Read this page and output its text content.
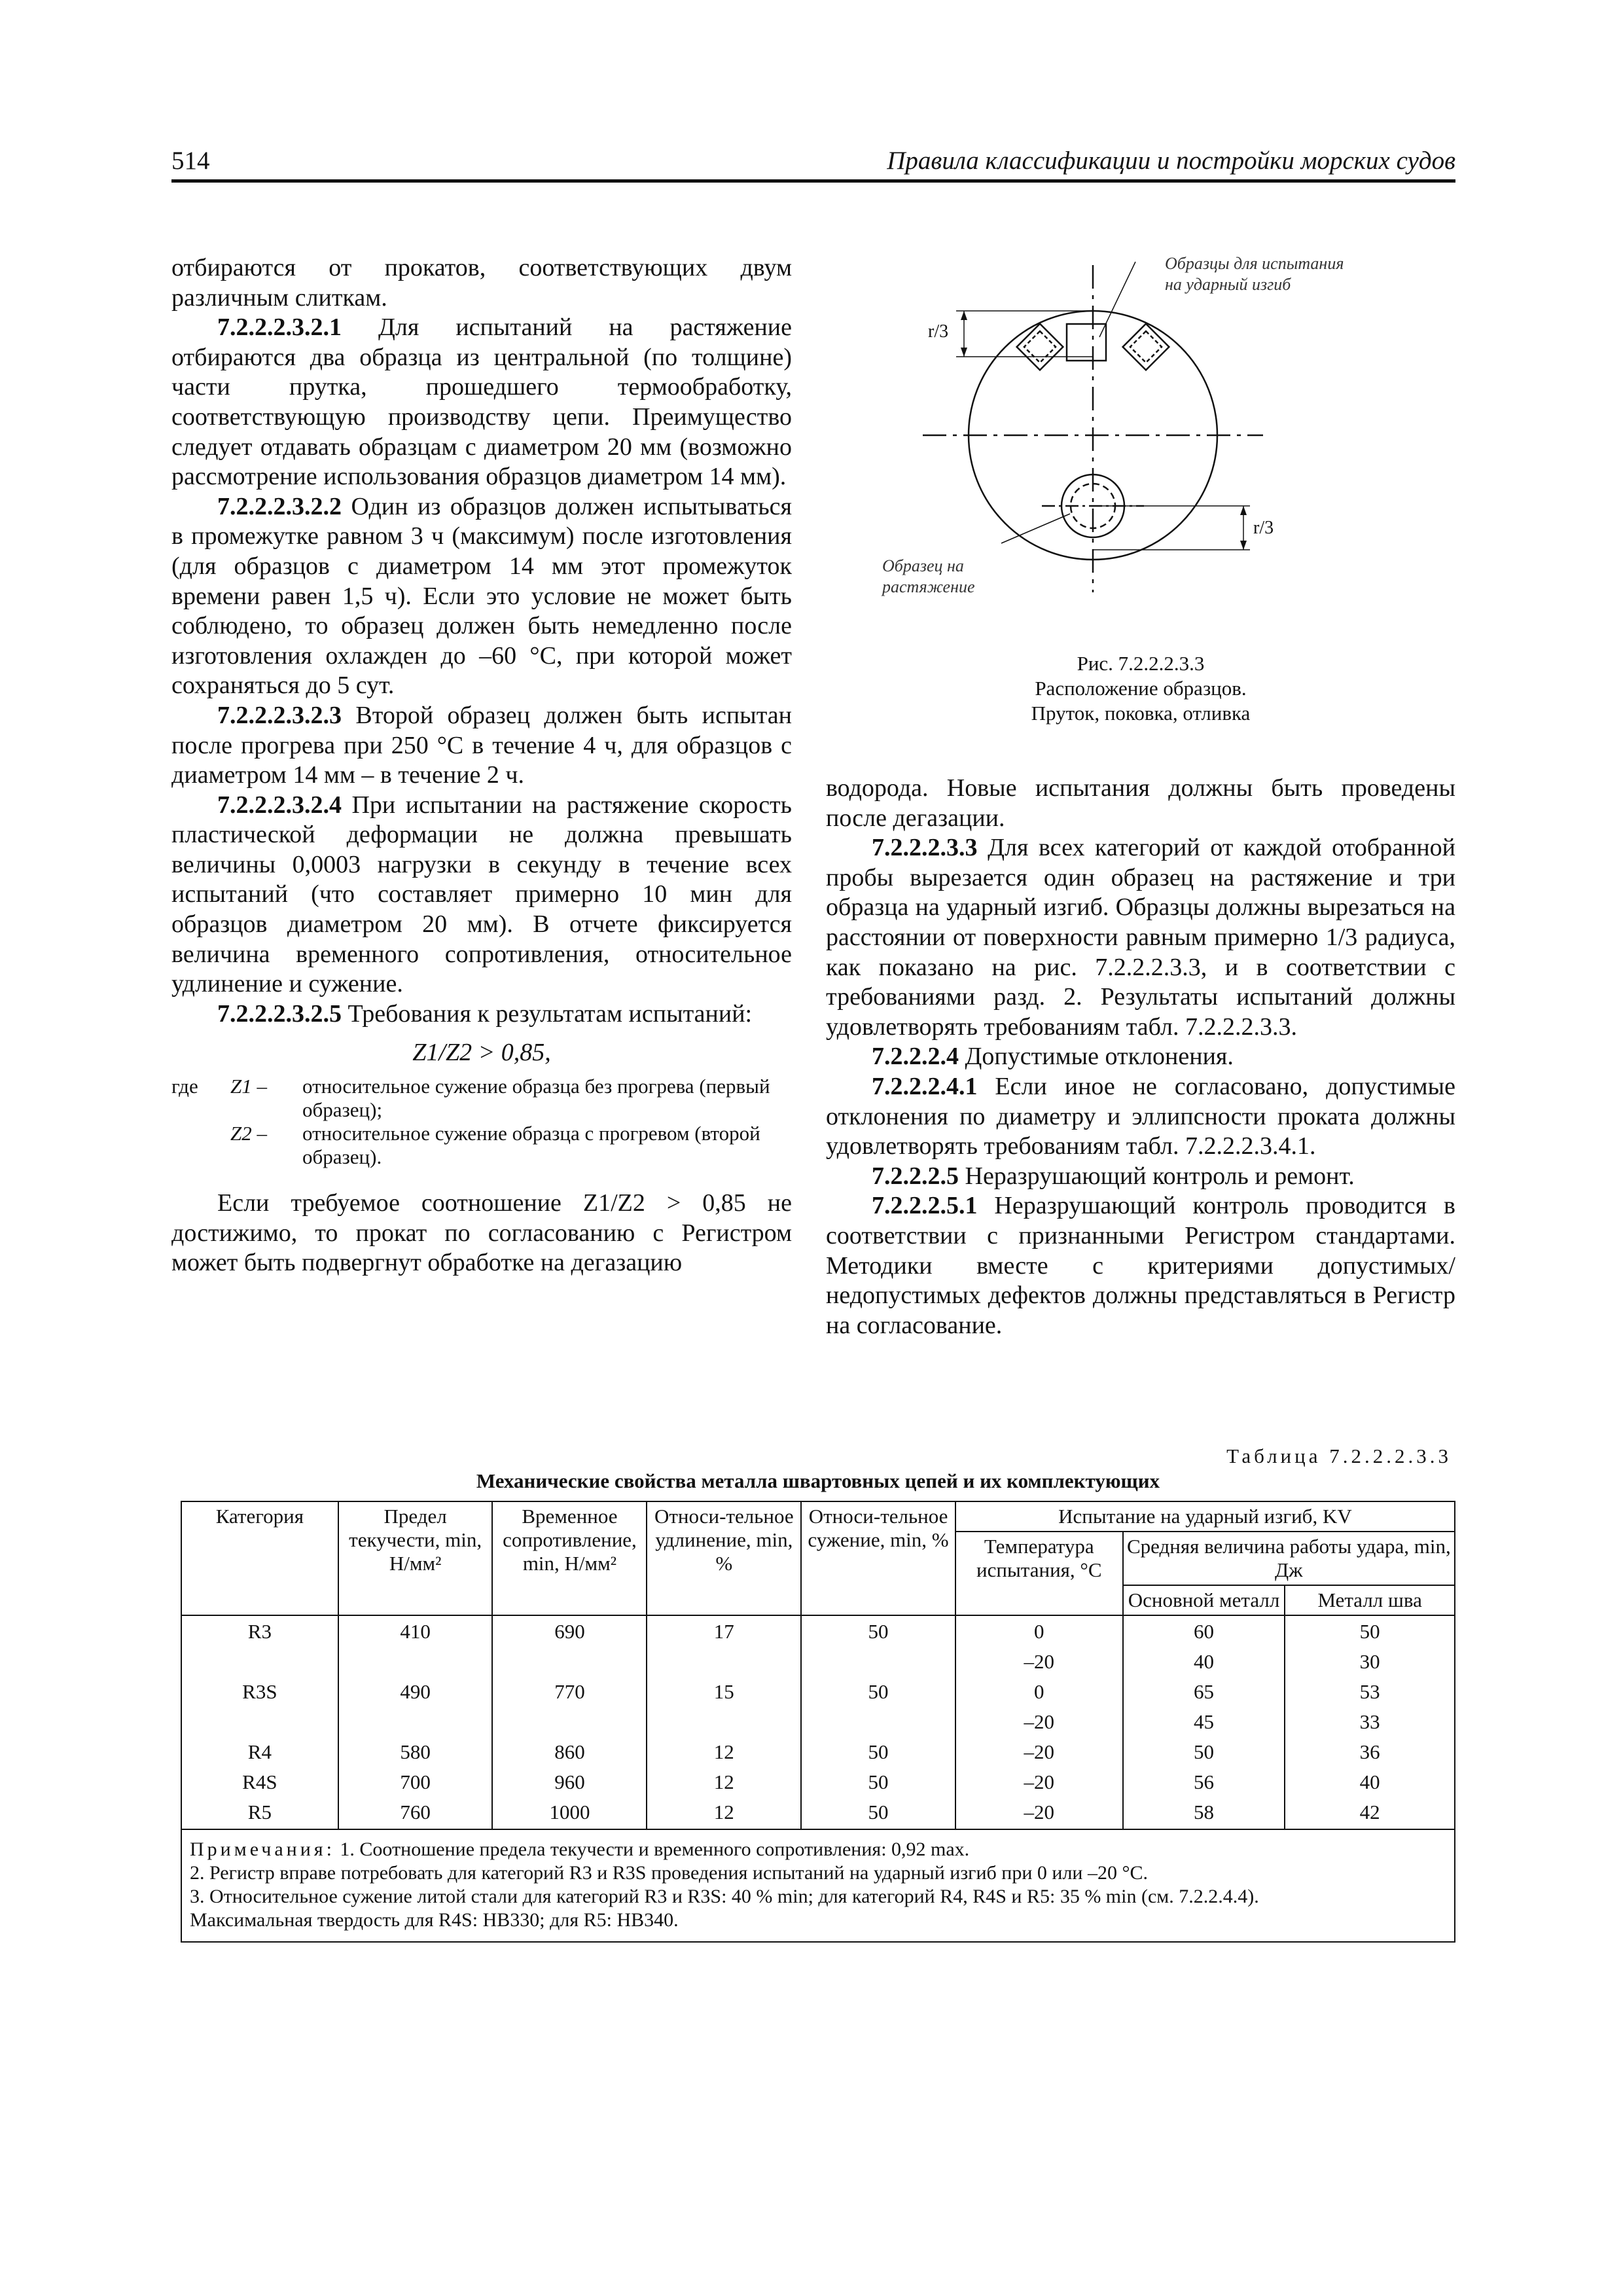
514	Правила классификации и постройки морских судов

отбираются от прокатов, соответствующих двум различным слиткам.

7.2.2.2.3.2.1 Для испытаний на растяжение отбираются два образца из центральной (по толщине) части прутка, прошедшего термообработку, соответствующую производству цепи. Преимущество следует отдавать образцам с диаметром 20 мм (возможно рассмотрение использования образцов диаметром 14 мм).

7.2.2.2.3.2.2 Один из образцов должен испытываться в промежутке равном 3 ч (максимум) после изготовления (для образцов с диаметром 14 мм этот промежуток времени равен 1,5 ч). Если это условие не может быть соблюдено, то образец должен быть немедленно после изготовления охлажден до –60 °С, при которой может сохраняться до 5 сут.

7.2.2.2.3.2.3 Второй образец должен быть испытан после прогрева при 250 °С в течение 4 ч, для образцов с диаметром 14 мм – в течение 2 ч.

7.2.2.2.3.2.4 При испытании на растяжение скорость пластической деформации не должна превышать величины 0,0003 нагрузки в секунду в течение всех испытаний (что составляет примерно 10 мин для образцов диаметром 20 мм). В отчете фиксируется величина временного сопротивления, относительное удлинение и сужение.

7.2.2.2.3.2.5 Требования к результатам испытаний:

Z1/Z2 > 0,85,
где	Z1 –	относительное сужение образца без прогрева (первый образец);
Z2 –	относительное сужение образца с прогревом (второй образец).

Если требуемое соотношение Z1/Z2 > 0,85 не достижимо, то прокат по согласованию с Регистром может быть подвергнут обработке на дегазацию

Образцы для испытания
на ударный изгиб
Образец на
растяжение
r/3
r/3
Рис. 7.2.2.2.3.3
Расположение образцов.
Пруток, поковка, отливка

водорода. Новые испытания должны быть проведены после дегазации.

7.2.2.2.3.3 Для всех категорий от каждой отобранной пробы вырезается один образец на растяжение и три образца на ударный изгиб. Образцы должны вырезаться на расстоянии от поверхности равным примерно 1/3 радиуса, как показано на рис. 7.2.2.2.3.3, и в соответствии с требованиями разд. 2. Результаты испытаний должны удовлетворять требованиям табл. 7.2.2.2.3.3.

7.2.2.2.4 Допустимые отклонения.

7.2.2.2.4.1 Если иное не согласовано, допустимые отклонения по диаметру и эллипсности проката должны удовлетворять требованиям табл. 7.2.2.2.3.4.1.

7.2.2.2.5 Неразрушающий контроль и ремонт.

7.2.2.2.5.1 Неразрушающий контроль проводится в соответствии с признанными Регистром стандартами. Методики вместе с критериями допустимых/недопустимых дефектов должны представляться в Регистр на согласование.

Таблица 7.2.2.2.3.3
Механические свойства металла швартовных цепей и их комплектующих
Категория	Предел текучести, min, Н/мм²	Временное сопротивление, min, Н/мм²	Относи-тельное удлинение, min, %	Относи-тельное сужение, min, %	Испытание на ударный изгиб, KV		
					Температура испытания, °С	Средняя величина работы удара, min, Дж	
						Основной металл	Металл шва
R3	410	690	17	50	0	60	50
					–20	40	30
R3S	490	770	15	50	0	65	53
					–20	45	33
R4	580	860	12	50	–20	50	36
R4S	700	960	12	50	–20	56	40
R5	760	1000	12	50	–20	58	42

Примечания: 1. Соотношение предела текучести и временного сопротивления: 0,92 max.
2. Регистр вправе потребовать для категорий R3 и R3S проведения испытаний на ударный изгиб при 0 или –20 °С.
3. Относительное сужение литой стали для категорий R3 и R3S: 40 % min; для категорий R4, R4S и R5: 35 % min (см. 7.2.2.4.4).
Максимальная твердость для R4S: HB330; для R5: HB340.							
